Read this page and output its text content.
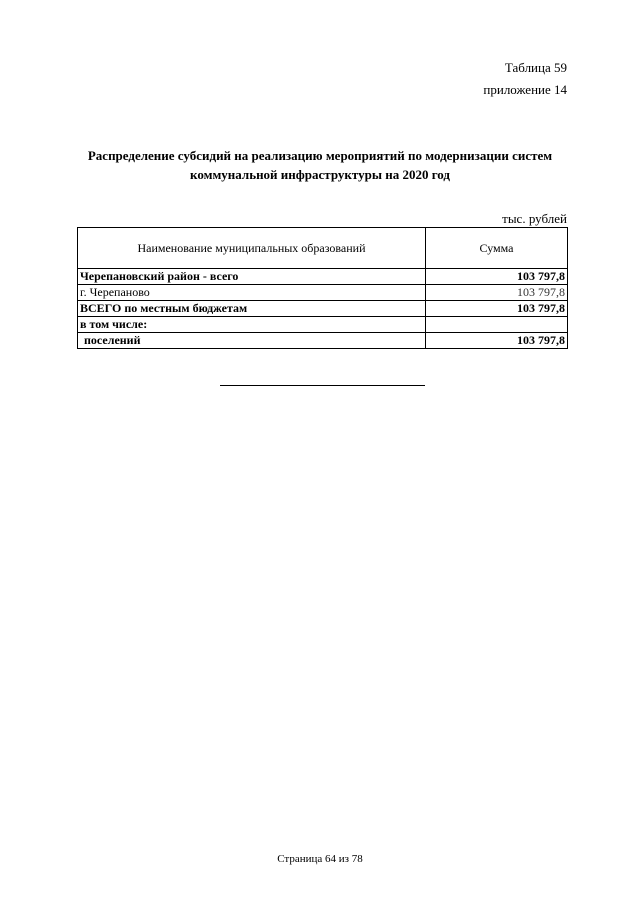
Таблица 59
приложение 14
Распределение субсидий на реализацию мероприятий по модернизации систем
коммунальной инфраструктуры на 2020 год
тыс. рублей
Наименование муниципальных образований	Сумма
Черепановский район - всего	103 797,8
г. Черепаново	103 797,8
ВСЕГО по местным бюджетам	103 797,8
в том числе:	
поселений	103 797,8
Страница 64 из 78
